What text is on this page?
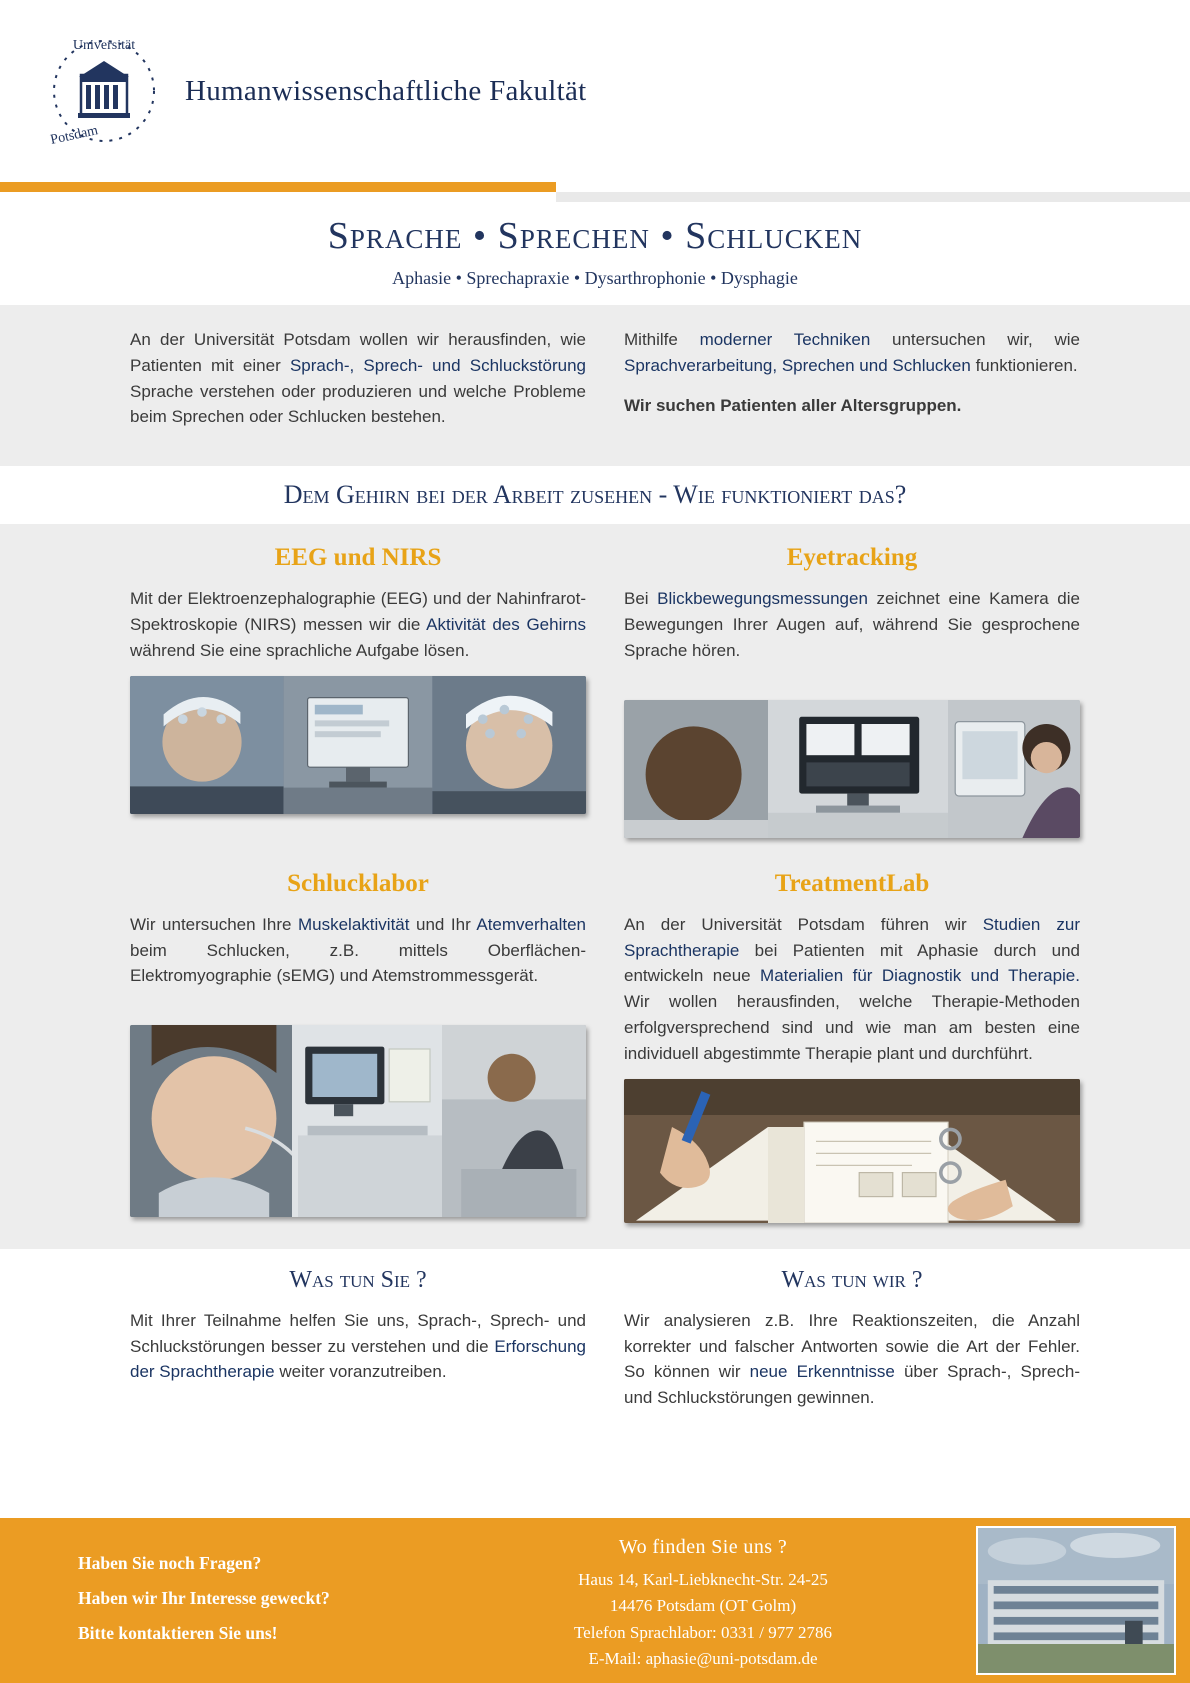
Universität
Potsdam
Humanwissenschaftliche Fakultät
Sprache • Sprechen • Schlucken
Aphasie • Sprechapraxie • Dysarthrophonie • Dysphagie

An der Universität Potsdam wollen wir herausfinden, wie Patienten mit einer Sprach-, Sprech- und Schluckstörung Sprache verstehen oder produzieren und welche Probleme beim Sprechen oder Schlucken bestehen.

Mithilfe moderner Techniken untersuchen wir, wie Sprachverarbeitung, Sprechen und Schlucken funktionieren.

Wir suchen Patienten aller Altersgruppen.

Dem Gehirn bei der Arbeit zusehen - Wie funktioniert das?
EEG und NIRS

Mit der Elektroenzephalographie (EEG) und der Nahinfrarot-Spektroskopie (NIRS) messen wir die Aktivität des Gehirns während Sie eine sprachliche Aufgabe lösen.

Eyetracking

Bei Blickbewegungsmessungen zeichnet eine Kamera die Bewegungen Ihrer Augen auf, während Sie gesprochene Sprache hören.

Schlucklabor

Wir untersuchen Ihre Muskelaktivität und Ihr Atemverhalten beim Schlucken, z.B. mittels Oberflächen-Elektromyographie (sEMG) und Atemstrommessgerät.

TreatmentLab

An der Universität Potsdam führen wir Studien zur Sprachtherapie bei Patienten mit Aphasie durch und entwickeln neue Materialien für Diagnostik und Therapie. Wir wollen herausfinden, welche Therapie-Methoden erfolgversprechend sind und wie man am besten eine individuell abgestimmte Therapie plant und durchführt.

Was tun Sie ?

Mit Ihrer Teilnahme helfen Sie uns, Sprach-, Sprech- und Schluckstörungen besser zu verstehen und die Erforschung der Sprachtherapie weiter voranzutreiben.

Was tun wir ?

Wir analysieren z.B. Ihre Reaktionszeiten, die Anzahl korrekter und falscher Antworten sowie die Art der Fehler. So können wir neue Erkenntnisse über Sprach-, Sprech- und Schluckstörungen gewinnen.

Haben Sie noch Fragen?
Haben wir Ihr Interesse geweckt?
Bitte kontaktieren Sie uns!
Wo finden Sie uns ?
Haus 14, Karl-Liebknecht-Str. 24-25
14476 Potsdam (OT Golm)
Telefon Sprachlabor: 0331 / 977 2786
E-Mail: aphasie@uni-potsdam.de
